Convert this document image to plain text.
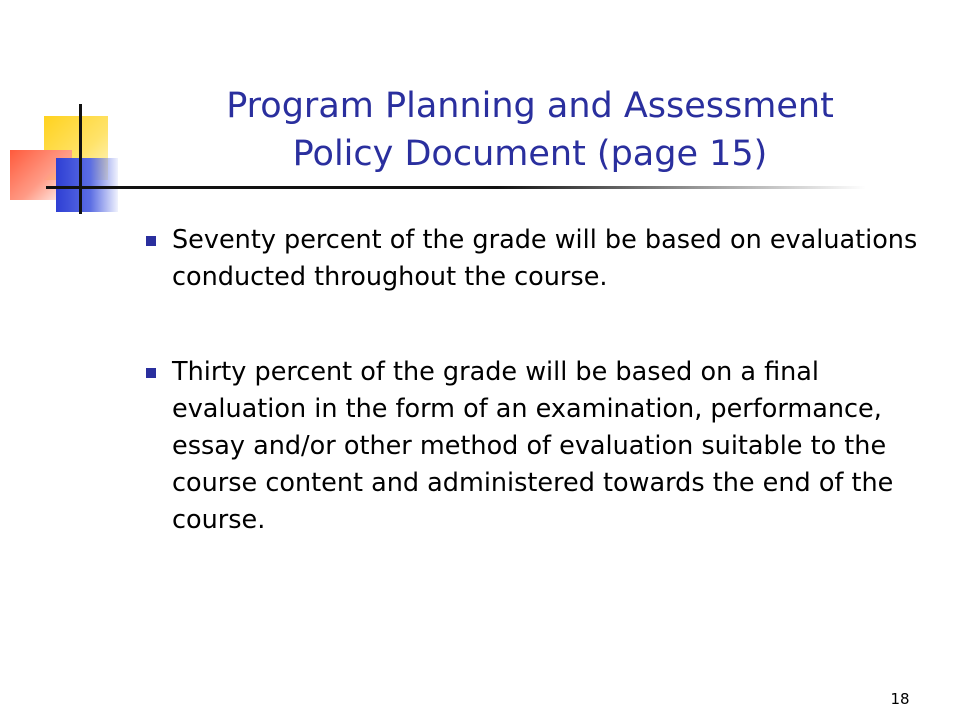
Program Planning and Assessment
Policy Document (page 15)
Seventy percent of the grade will be based on evaluations conducted throughout the course.
Thirty percent of the grade will be based on a final evaluation in the form of an examination, performance, essay and/or other method of evaluation suitable to the course content and administered towards the end of the course.
18
